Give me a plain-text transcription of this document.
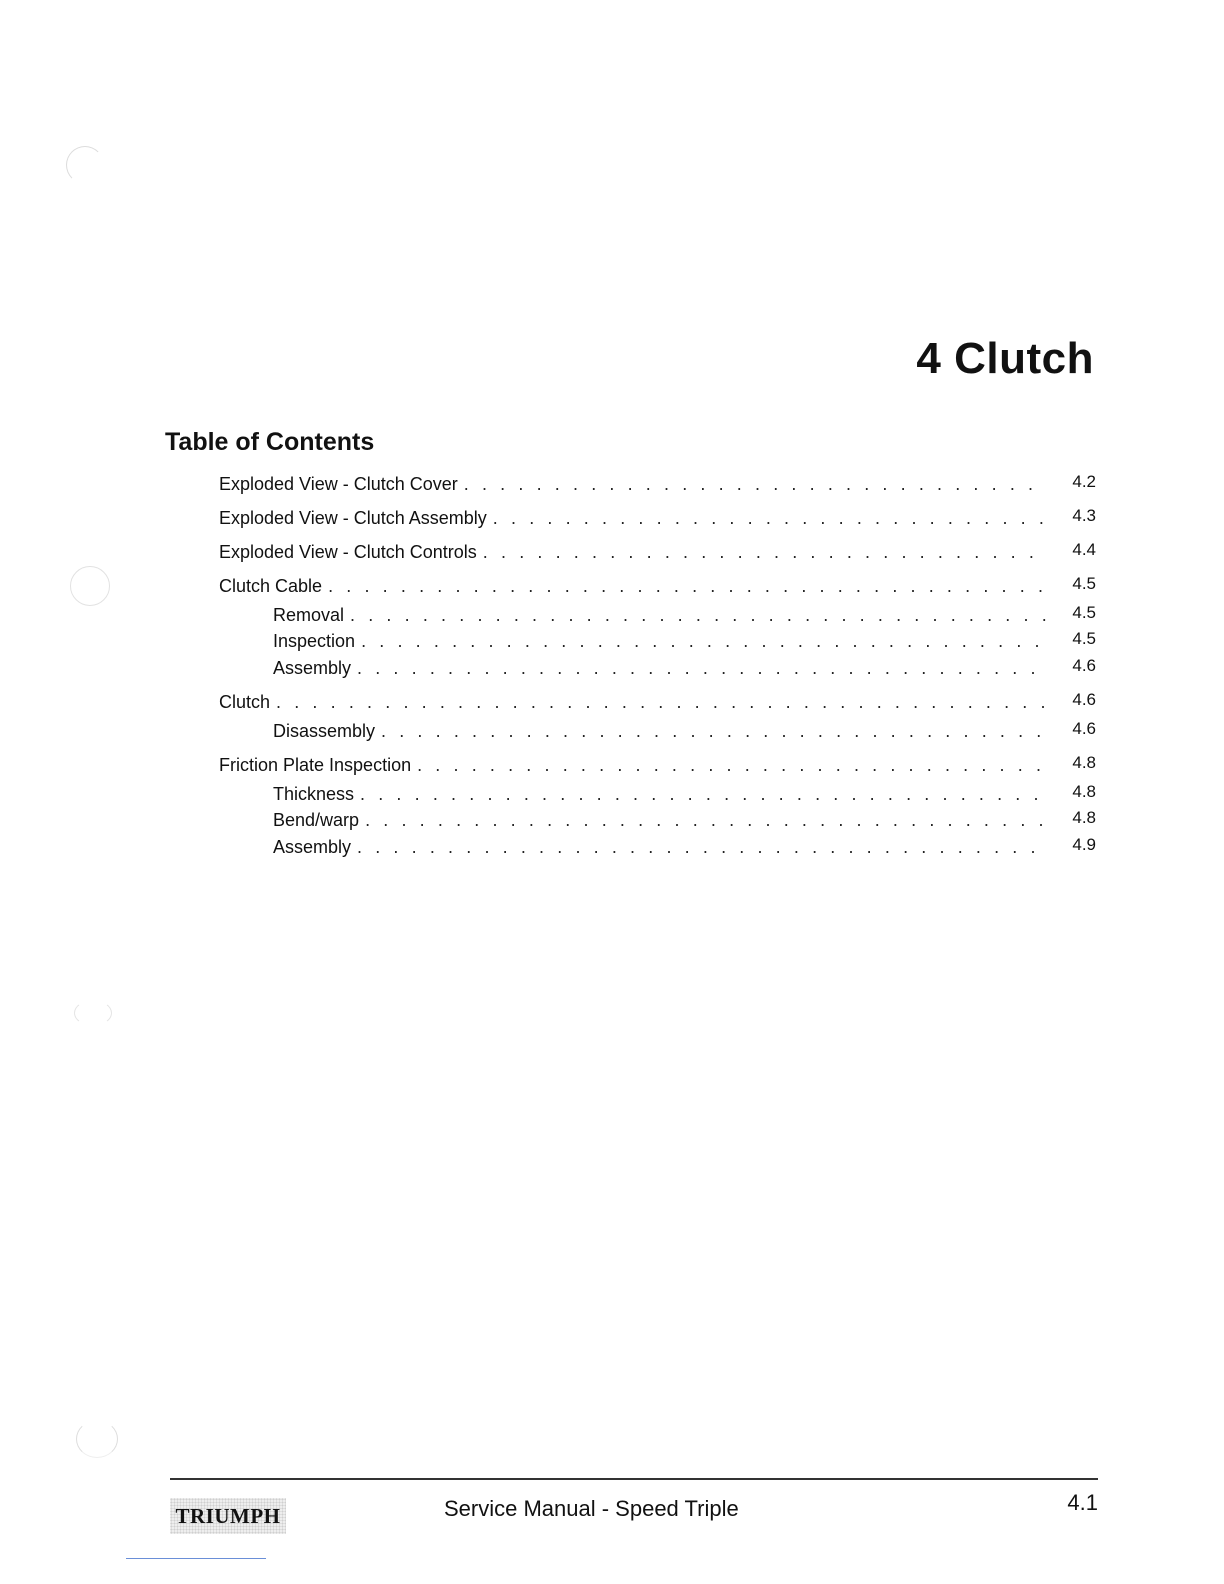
4 Clutch
Table of Contents
Exploded View - Clutch Cover . . .	4.2
Exploded View - Clutch Assembly . . .	4.3
Exploded View - Clutch Controls . . .	4.4
Clutch Cable . . .	4.5
Removal . . .	4.5
Inspection . . .	4.5
Assembly . . .	4.6
Clutch . . .	4.6
Disassembly . . .	4.6
Friction Plate Inspection . . .	4.8
Thickness . . .	4.8
Bend/warp . . .	4.8
Assembly . . .	4.9
TRIUMPH	Service Manual - Speed Triple	4.1
